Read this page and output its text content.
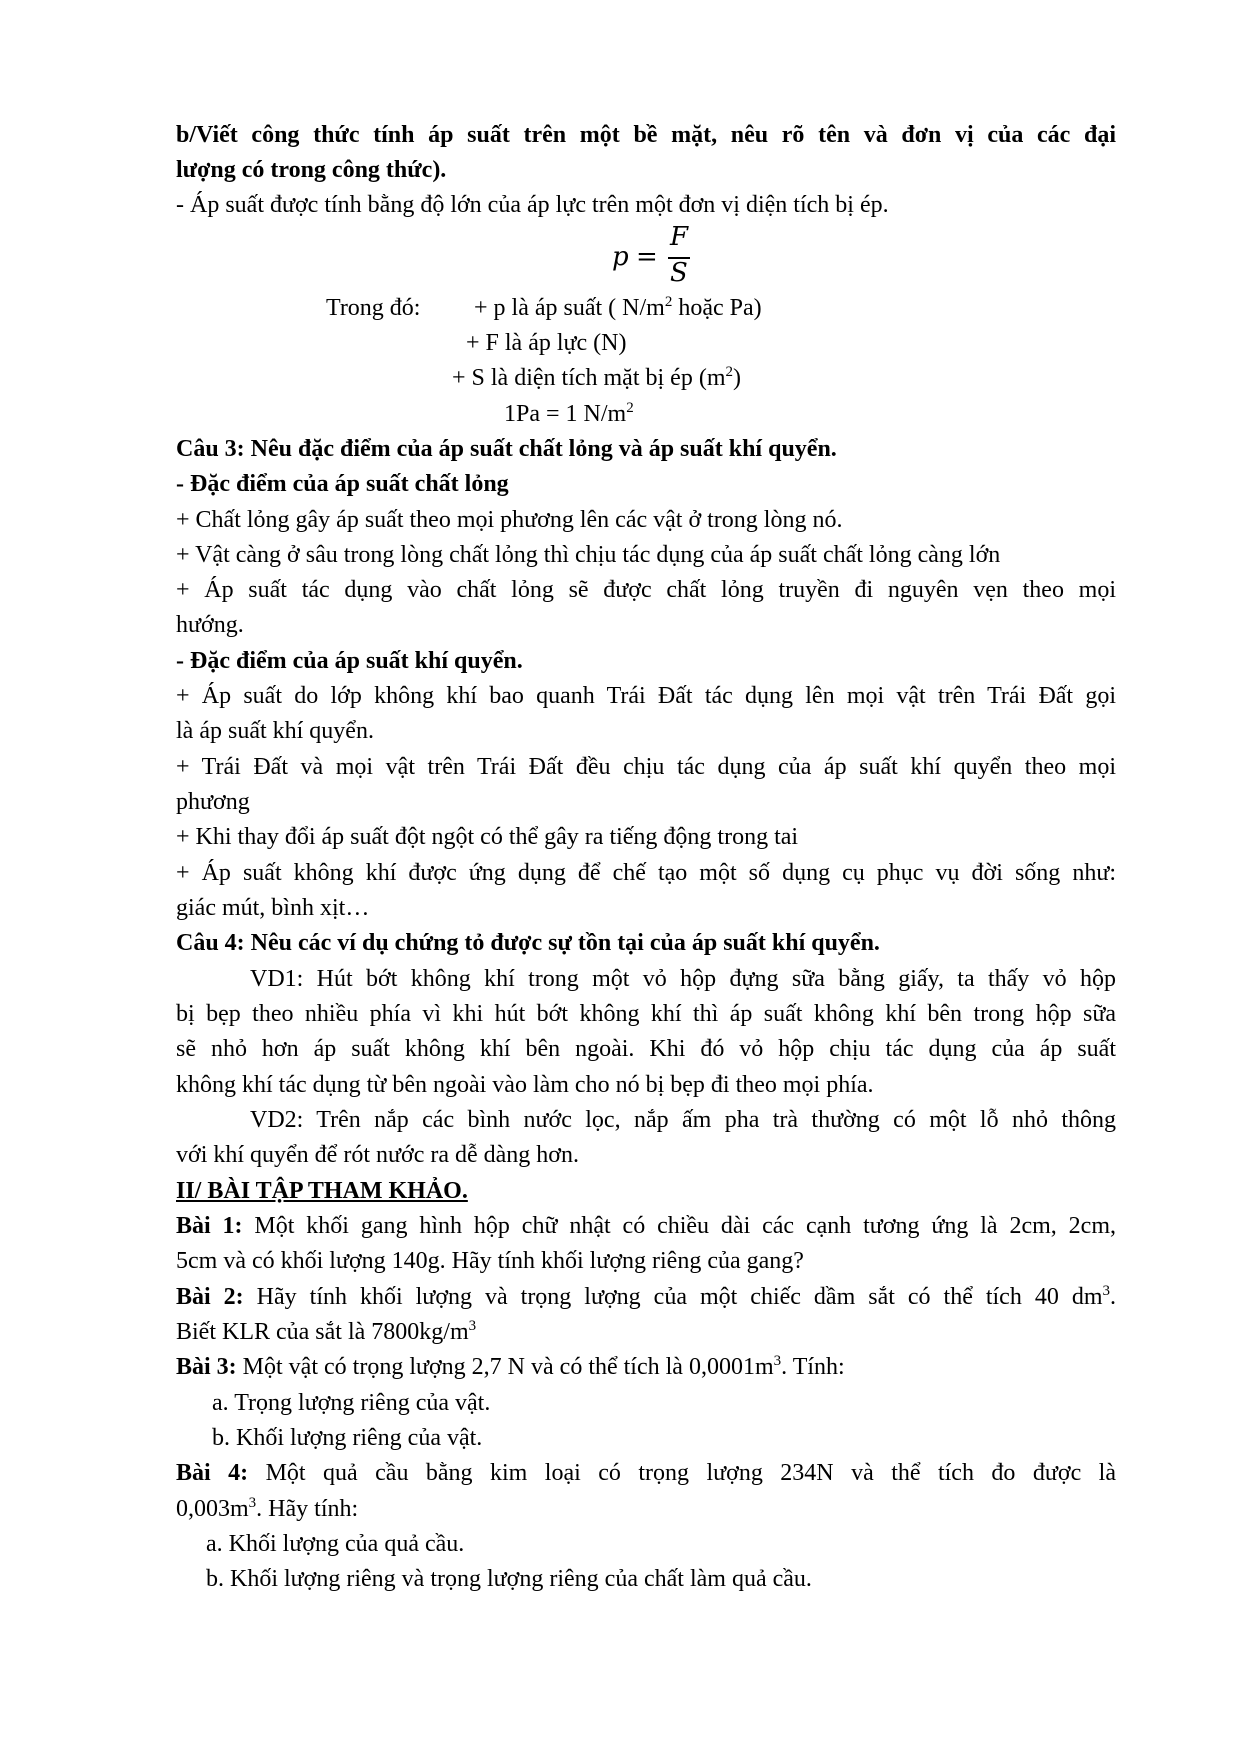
b/Viết công thức tính áp suất trên một bề mặt, nêu rõ tên và đơn vị của các đại
lượng có trong công thức).
- Áp suất được tính bằng độ lớn của áp lực trên một đơn vị diện tích bị ép.
p =
F
S
Trong đó:	+ p là áp suất ( $N/m^2$ hoặc Pa)
+ F là áp lực (N)
+ S là diện tích mặt bị ép $(m^2)$
1Pa = 1 $N/m^2$
Câu 3: Nêu đặc điểm của áp suất chất lỏng và áp suất khí quyển.
- Đặc điểm của áp suất chất lỏng
+ Chất lỏng gây áp suất theo mọi phương lên các vật ở trong lòng nó.
+ Vật càng ở sâu trong lòng chất lỏng thì chịu tác dụng của áp suất chất lỏng càng lớn
+ Áp suất tác dụng vào chất lỏng sẽ được chất lỏng truyền đi nguyên vẹn theo mọi
hướng.
- Đặc điểm của áp suất khí quyển.
+ Áp suất do lớp không khí bao quanh Trái Đất tác dụng lên mọi vật trên Trái Đất gọi
là áp suất khí quyển.
+ Trái Đất và mọi vật trên Trái Đất đều chịu tác dụng của áp suất khí quyển theo mọi
phương
+ Khi thay đổi áp suất đột ngột có thể gây ra tiếng động trong tai
+ Áp suất không khí được ứng dụng để chế tạo một số dụng cụ phục vụ đời sống như:
giác mút, bình xịt…
Câu 4: Nêu các ví dụ chứng tỏ được sự tồn tại của áp suất khí quyển.
VD1: Hút bớt không khí trong một vỏ hộp đựng sữa bằng giấy, ta thấy vỏ hộp
bị bẹp theo nhiều phía vì khi hút bớt không khí thì áp suất không khí bên trong hộp sữa
sẽ nhỏ hơn áp suất không khí bên ngoài. Khi đó vỏ hộp chịu tác dụng của áp suất
không khí tác dụng từ bên ngoài vào làm cho nó bị bẹp đi theo mọi phía.
VD2: Trên nắp các bình nước lọc, nắp ấm pha trà thường có một lỗ nhỏ thông
với khí quyển để rót nước ra dễ dàng hơn.
II/ BÀI TẬP THAM KHẢO.
Bài 1: Một khối gang hình hộp chữ nhật có chiều dài các cạnh tương ứng là 2cm, 2cm,
5cm và có khối lượng 140g. Hãy tính khối lượng riêng của gang?
Bài 2: Hãy tính khối lượng và trọng lượng của một chiếc dầm sắt có thể tích 40 $dm^3$.
Biết KLR của sắt là $7800kg/m^3$
Bài 3: Một vật có trọng lượng 2,7 N và có thể tích là $0,0001m^3$. Tính:
a. Trọng lượng riêng của vật.
b. Khối lượng riêng của vật.
Bài 4: Một quả cầu bằng kim loại có trọng lượng 234N và thể tích đo được là
$0,003m^3$. Hãy tính:
a. Khối lượng của quả cầu.
b. Khối lượng riêng và trọng lượng riêng của chất làm quả cầu.
